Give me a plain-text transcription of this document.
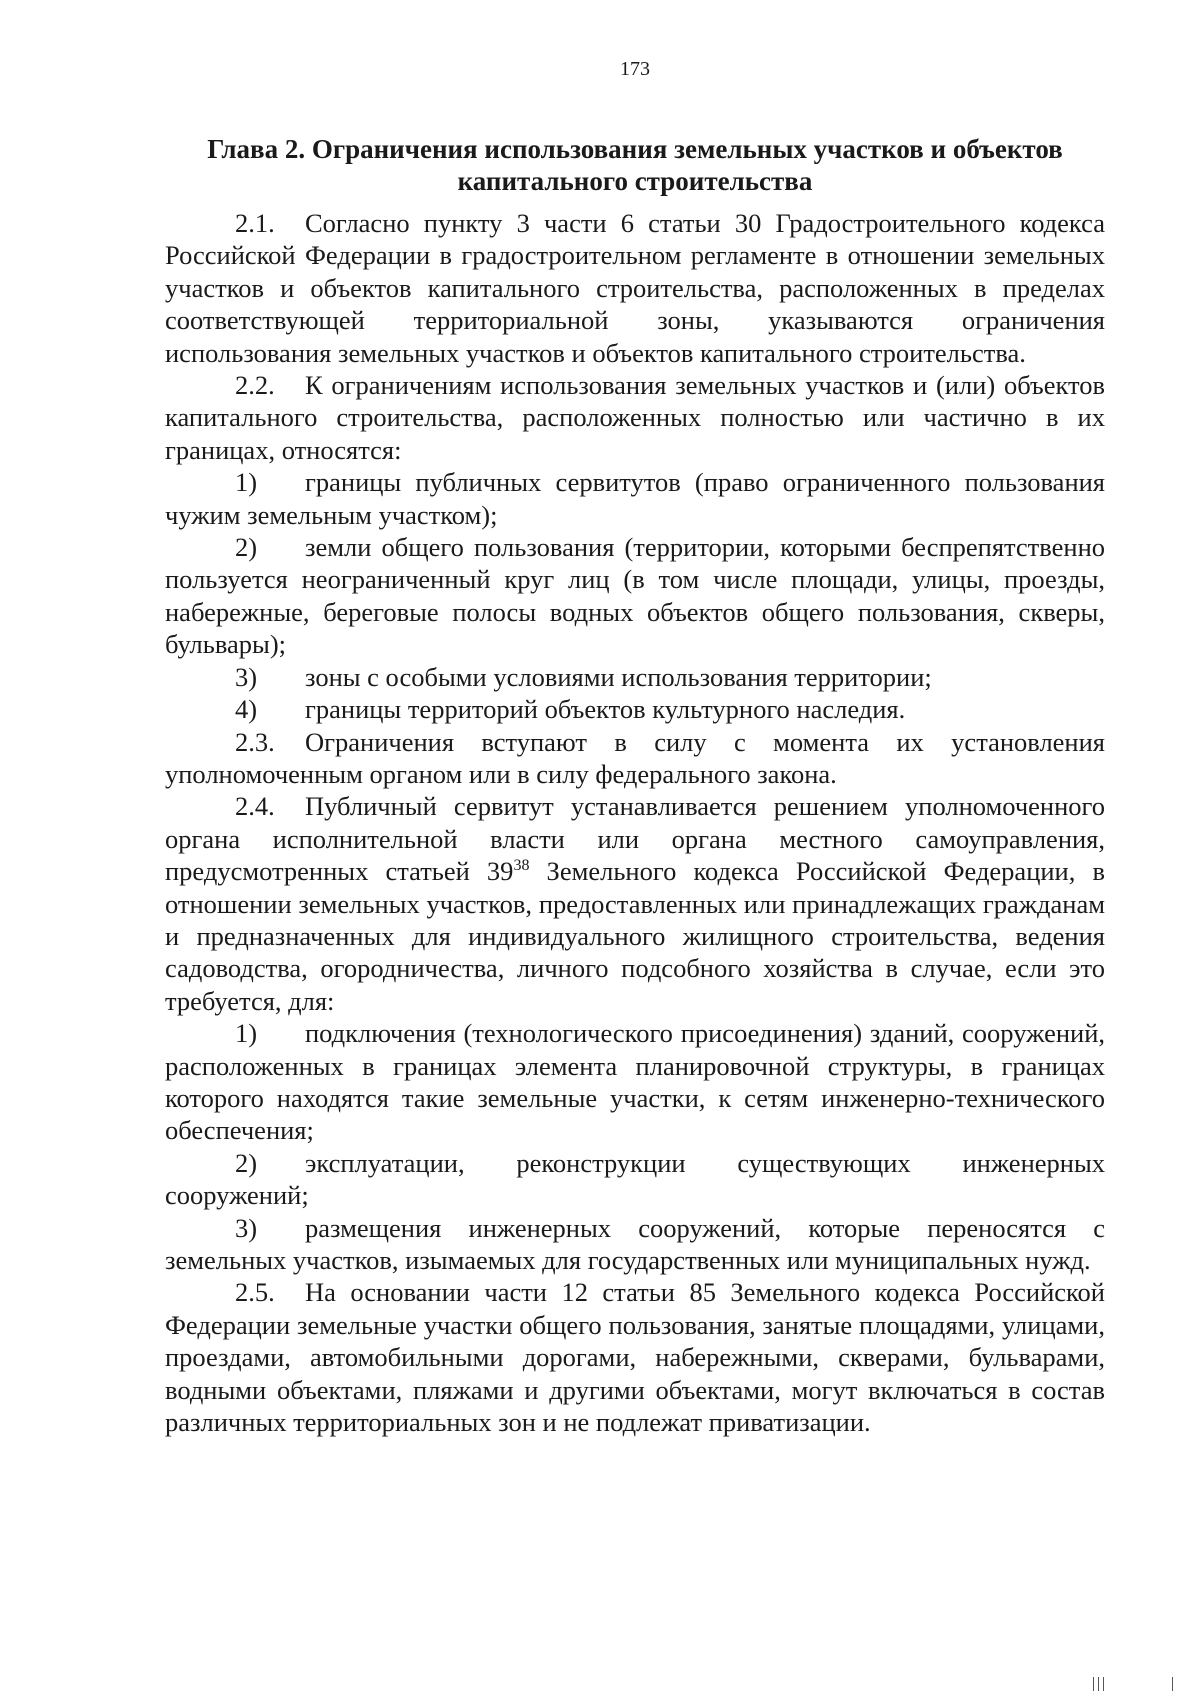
173
Глава 2. Ограничения использования земельных участков и объектов капитального строительства

2.1. Согласно пункту 3 части 6 статьи 30 Градостроительного кодекса Российской Федерации в градостроительном регламенте в отношении земельных участков и объектов капитального строительства, расположенных в пределах соответствующей территориальной зоны, указываются ограничения использования земельных участков и объектов капитального строительства.

2.2. К ограничениям использования земельных участков и (или) объектов капитального строительства, расположенных полностью или частично в их границах, относятся:

1) границы публичных сервитутов (право ограниченного пользования чужим земельным участком);

2) земли общего пользования (территории, которыми беспрепятственно пользуется неограниченный круг лиц (в том числе площади, улицы, проезды, набережные, береговые полосы водных объектов общего пользования, скверы, бульвары);

3) зоны с особыми условиями использования территории;

4) границы территорий объектов культурного наследия.

2.3. Ограничения вступают в силу с момента их установления уполномоченным органом или в силу федерального закона.

2.4. Публичный сервитут устанавливается решением уполномоченного органа исполнительной власти или органа местного самоуправления, предусмотренных статьей $39^{38}$ Земельного кодекса Российской Федерации, в отношении земельных участков, предоставленных или принадлежащих гражданам и предназначенных для индивидуального жилищного строительства, ведения садоводства, огородничества, личного подсобного хозяйства в случае, если это требуется, для:

1) подключения (технологического присоединения) зданий, сооружений, расположенных в границах элемента планировочной структуры, в границах которого находятся такие земельные участки, к сетям инженерно-технического обеспечения;

2) эксплуатации, реконструкции существующих инженерных сооружений;

3) размещения инженерных сооружений, которые переносятся с земельных участков, изымаемых для государственных или муниципальных нужд.

2.5. На основании части 12 статьи 85 Земельного кодекса Российской Федерации земельные участки общего пользования, занятые площадями, улицами, проездами, автомобильными дорогами, набережными, скверами, бульварами, водными объектами, пляжами и другими объектами, могут включаться в состав различных территориальных зон и не подлежат приватизации.
